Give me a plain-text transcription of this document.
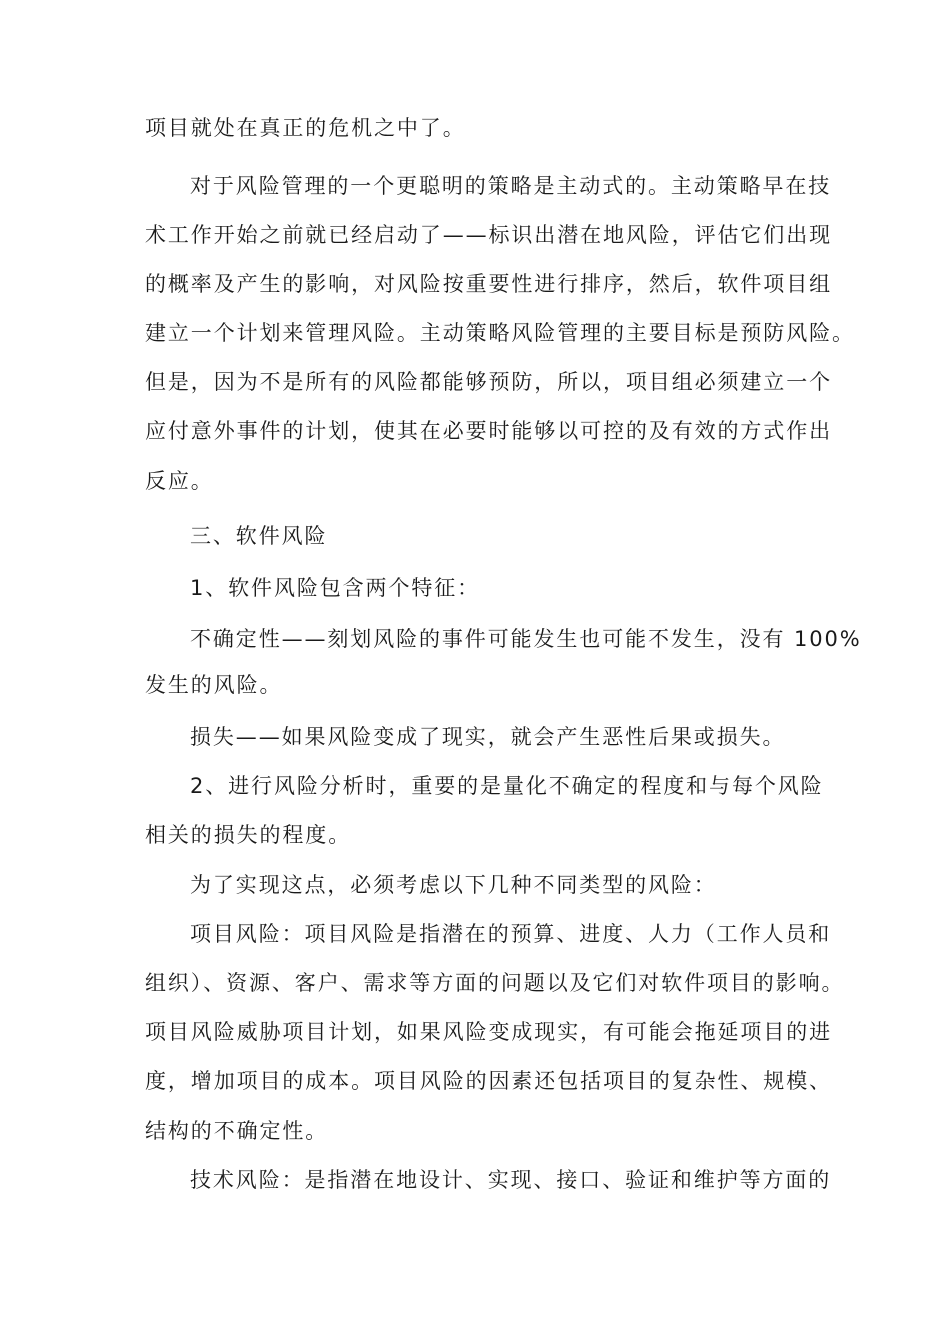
项目就处在真正的危机之中了。
对于风险管理的一个更聪明的策略是主动式的。主动策略早在技
术工作开始之前就已经启动了——标识出潜在地风险，评估它们出现
的概率及产生的影响，对风险按重要性进行排序，然后，软件项目组
建立一个计划来管理风险。主动策略风险管理的主要目标是预防风险。
但是，因为不是所有的风险都能够预防，所以，项目组必须建立一个
应付意外事件的计划，使其在必要时能够以可控的及有效的方式作出
反应。
三、软件风险
1、软件风险包含两个特征：
不确定性——刻划风险的事件可能发生也可能不发生，没有 100%
发生的风险。
损失——如果风险变成了现实，就会产生恶性后果或损失。
2、进行风险分析时，重要的是量化不确定的程度和与每个风险
相关的损失的程度。
为了实现这点，必须考虑以下几种不同类型的风险：
项目风险：项目风险是指潜在的预算、进度、人力（工作人员和
组织）、资源、客户、需求等方面的问题以及它们对软件项目的影响。
项目风险威胁项目计划，如果风险变成现实，有可能会拖延项目的进
度，增加项目的成本。项目风险的因素还包括项目的复杂性、规模、
结构的不确定性。
技术风险：是指潜在地设计、实现、接口、验证和维护等方面的
